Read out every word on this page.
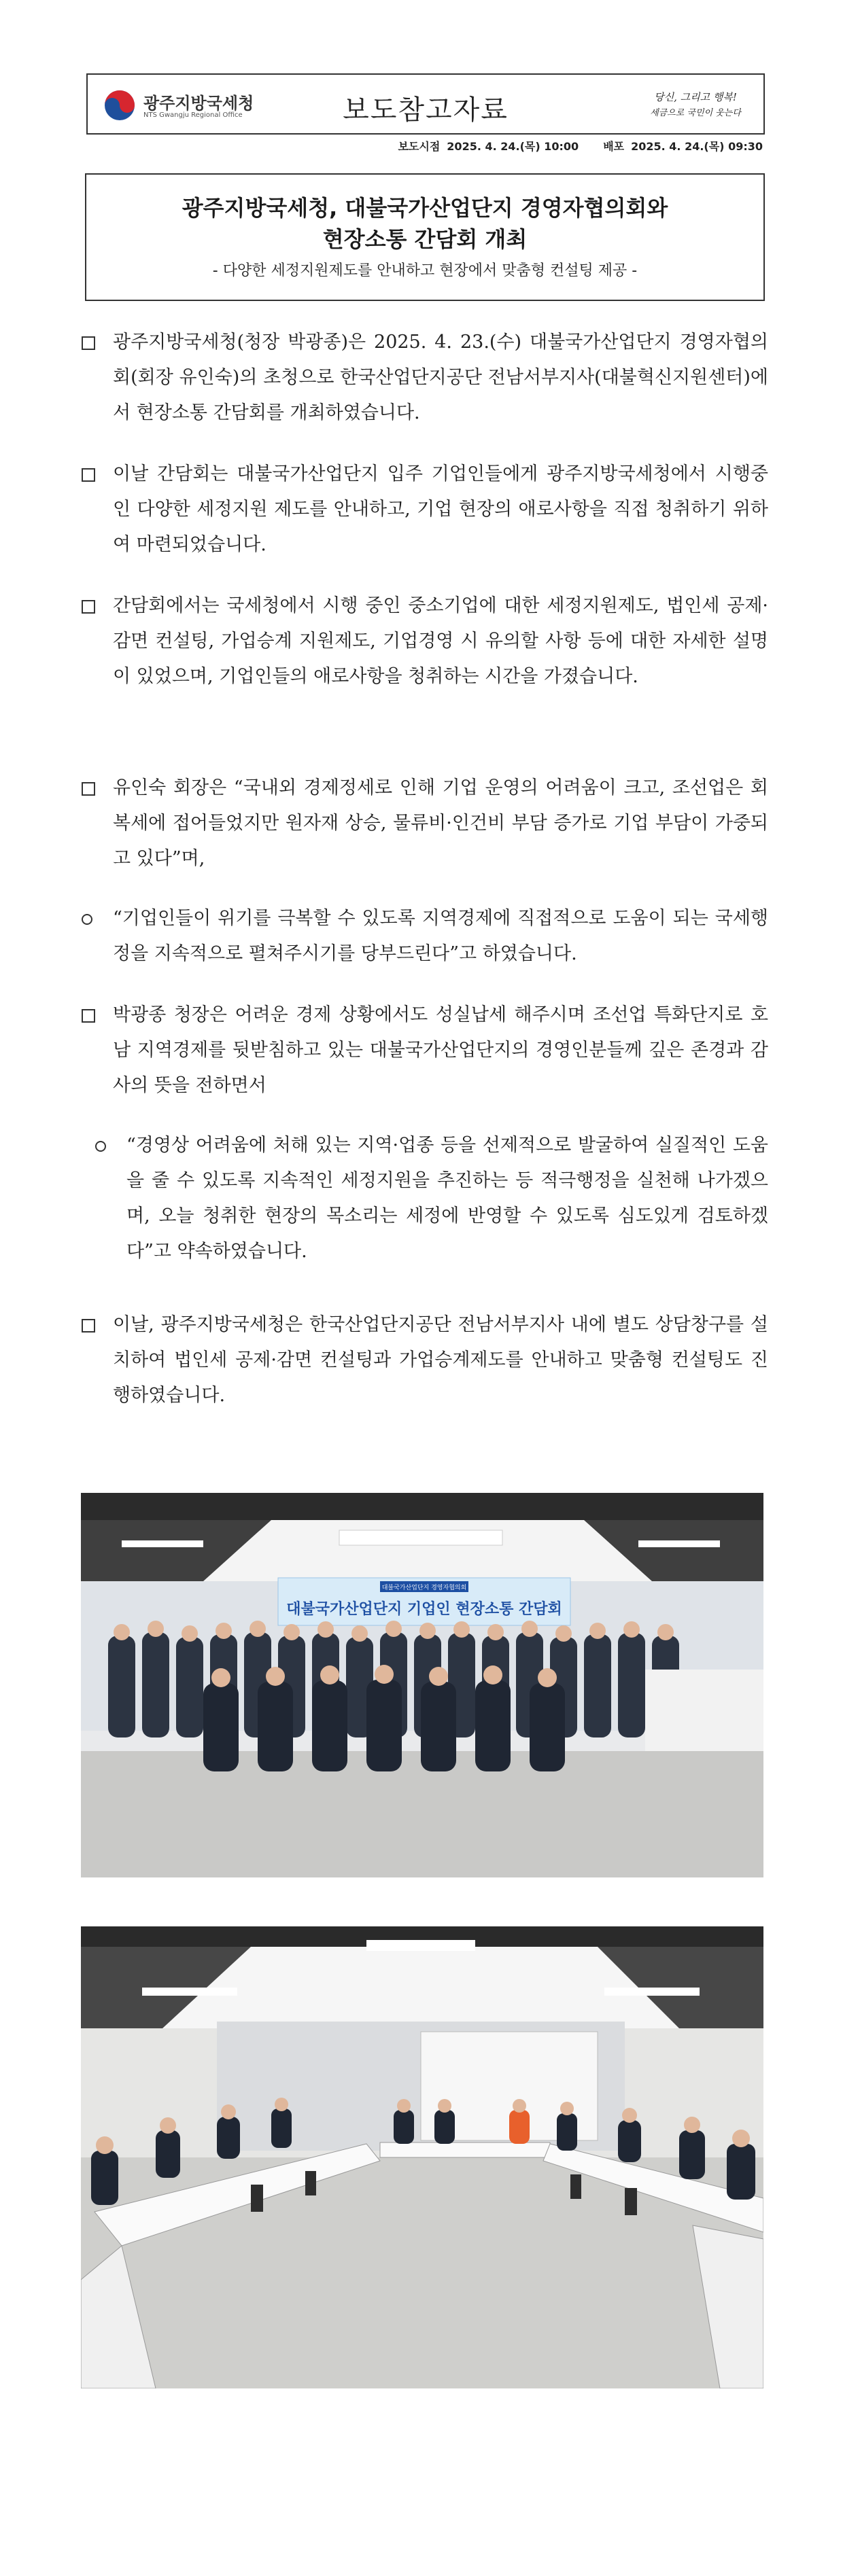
광주지방국세청
NTS Gwangju Regional Office	보도참고자료	당신, 그리고 행복!
세금으로 국민이 웃는다
보도시점 2025. 4. 24.(목) 10:00 배포 2025. 4. 24.(목) 09:30
광주지방국세청, 대불국가산업단지 경영자협의회와
현장소통 간담회 개최
- 다양한 세정지원제도를 안내하고 현장에서 맞춤형 컨설팅 제공 -
광주지방국세청(청장 박광종)은 2025. 4. 23.(수) 대불국가산업단지 경영자협의회(회장 유인숙)의 초청으로 한국산업단지공단 전남서부지사(대불혁신지원센터)에서 현장소통 간담회를 개최하였습니다.
이날 간담회는 대불국가산업단지 입주 기업인들에게 광주지방국세청에서 시행중인 다양한 세정지원 제도를 안내하고, 기업 현장의 애로사항을 직접 청취하기 위하여 마련되었습니다.
간담회에서는 국세청에서 시행 중인 중소기업에 대한 세정지원제도, 법인세 공제·감면 컨설팅, 가업승계 지원제도, 기업경영 시 유의할 사항 등에 대한 자세한 설명이 있었으며, 기업인들의 애로사항을 청취하는 시간을 가졌습니다.
유인숙 회장은 “국내외 경제정세로 인해 기업 운영의 어려움이 크고, 조선업은 회복세에 접어들었지만 원자재 상승, 물류비·인건비 부담 증가로 기업 부담이 가중되고 있다”며,
“기업인들이 위기를 극복할 수 있도록 지역경제에 직접적으로 도움이 되는 국세행정을 지속적으로 펼쳐주시기를 당부드린다”고 하였습니다.
박광종 청장은 어려운 경제 상황에서도 성실납세 해주시며 조선업 특화단지로 호남 지역경제를 뒷받침하고 있는 대불국가산업단지의 경영인분들께 깊은 존경과 감사의 뜻을 전하면서
“경영상 어려움에 처해 있는 지역·업종 등을 선제적으로 발굴하여 실질적인 도움을 줄 수 있도록 지속적인 세정지원을 추진하는 등 적극행정을 실천해 나가겠으며, 오늘 청취한 현장의 목소리는 세정에 반영할 수 있도록 심도있게 검토하겠다”고 약속하였습니다.
이날, 광주지방국세청은 한국산업단지공단 전남서부지사 내에 별도 상담창구를 설치하여 법인세 공제·감면 컨설팅과 가업승계제도를 안내하고 맞춤형 컨설팅도 진행하였습니다.
대불국가산업단지 경영자협의회
대불국가산업단지 기업인 현장소통 간담회
